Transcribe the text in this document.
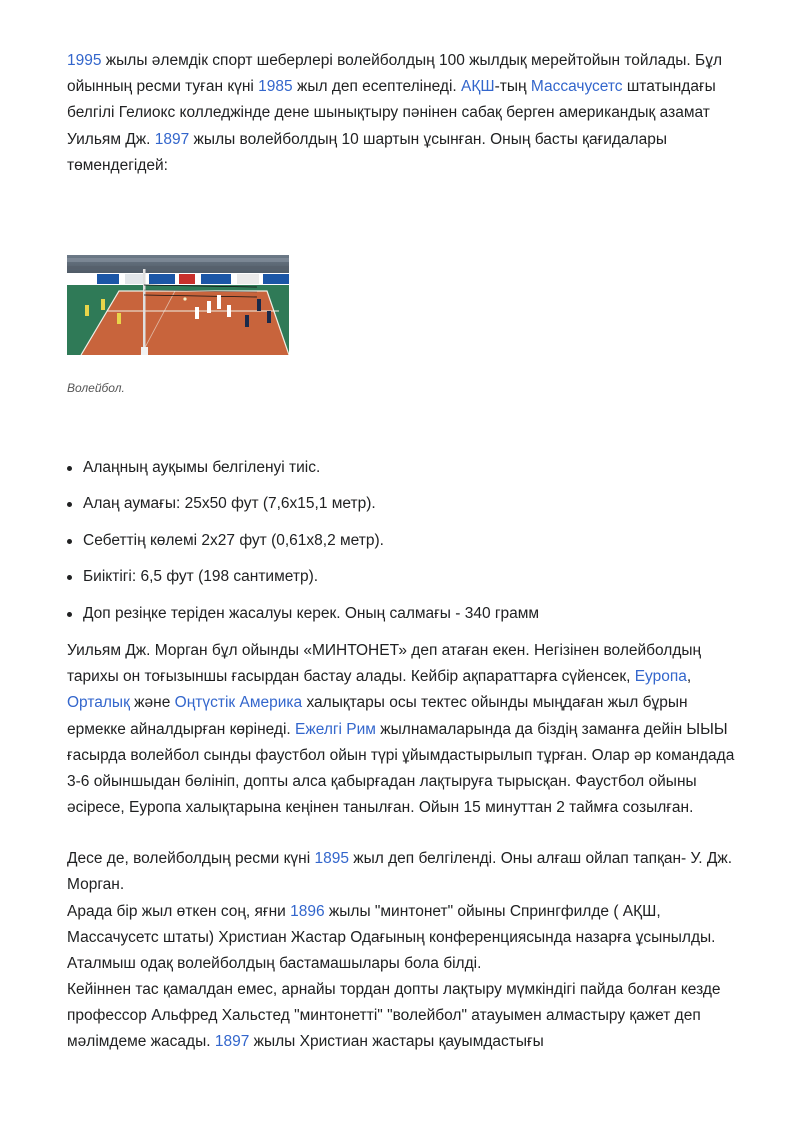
1995 жылы әлемдік спорт шеберлері волейболдың 100 жылдық мерейтойын тойлады. Бұл ойынның ресми туған күні 1985 жыл деп есептелінеді. АҚШ-тың Массачусетс штатындағы белгілі Гелиокс колледжінде дене шынықтыру пәнінен сабақ берген американдық азамат Уильям Дж. 1897 жылы волейболдың 10 шартын ұсынған. Оның басты қағидалары төмендегідей:

Волейбол.

Алаңның ауқымы белгіленуі тиіс.
Алаң аумағы: 25х50 фут (7,6х15,1 метр).
Себеттің көлемі 2х27 фут (0,61х8,2 метр).
Биіктігі: 6,5 фут (198 сантиметр).
Доп резіңке теріден жасалуы керек. Оның салмағы - 340 грамм

Уильям Дж. Морган бұл ойынды «МИНТОНЕТ» деп атаған екен. Негізінен волейболдың тарихы он тоғызыншы ғасырдан бастау алады. Кейбір ақпараттарға сүйенсек, Еуропа, Орталық және Оңтүстік Америка халықтары осы тектес ойынды мыңдаған жыл бұрын ермекке айналдырған көрінеді. Ежелгі Рим жылнамаларында да біздің заманға дейін ЫЫЫ ғасырда волейбол сынды фаустбол ойын түрі ұйымдастырылып тұрған. Олар әр командада 3-6 ойыншыдан бөлініп, допты алса қабырғадан лақтыруға тырысқан. Фаустбол ойыны әсіресе, Еуропа халықтарына кеңінен танылған. Ойын 15 минуттан 2 таймға созылған.

Десе де, волейболдың ресми күні 1895 жыл деп белгіленді. Оны алғаш ойлап тапқан- У. Дж. Морган.

Арада бір жыл өткен соң, яғни 1896 жылы "минтонет" ойыны Спрингфилде ( АҚШ, Массачусетс штаты) Христиан Жастар Одағының конференциясында назарға ұсынылды. Аталмыш одақ волейболдың бастамашылары бола білді.

Кейіннен тас қамалдан емес, арнайы тордан допты лақтыру мүмкіндігі пайда болған кезде профессор Альфред Хальстед "минтонетті" "волейбол" атауымен алмастыру қажет деп мәлімдеме жасады. 1897 жылы Христиан жастары қауымдастығы
